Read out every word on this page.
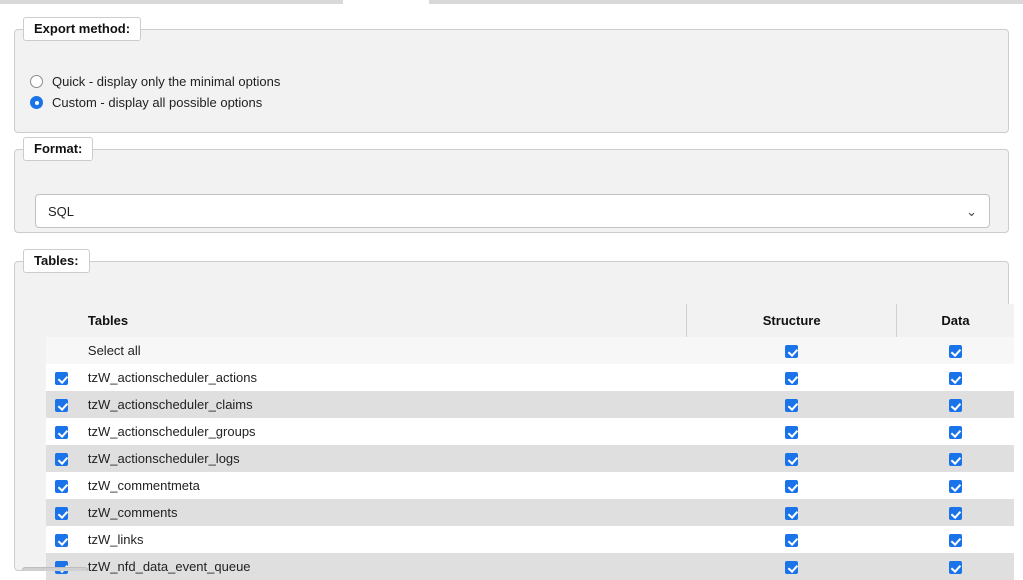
Export method:
Quick - display only the minimal options
Custom - display all possible options
Format:
SQL	⌄
Tables:
	Tables	Structure	Data
	Select all		
	tzW_actionscheduler_actions		
	tzW_actionscheduler_claims		
	tzW_actionscheduler_groups		
	tzW_actionscheduler_logs		
	tzW_commentmeta		
	tzW_comments		
	tzW_links		
	tzW_nfd_data_event_queue		
